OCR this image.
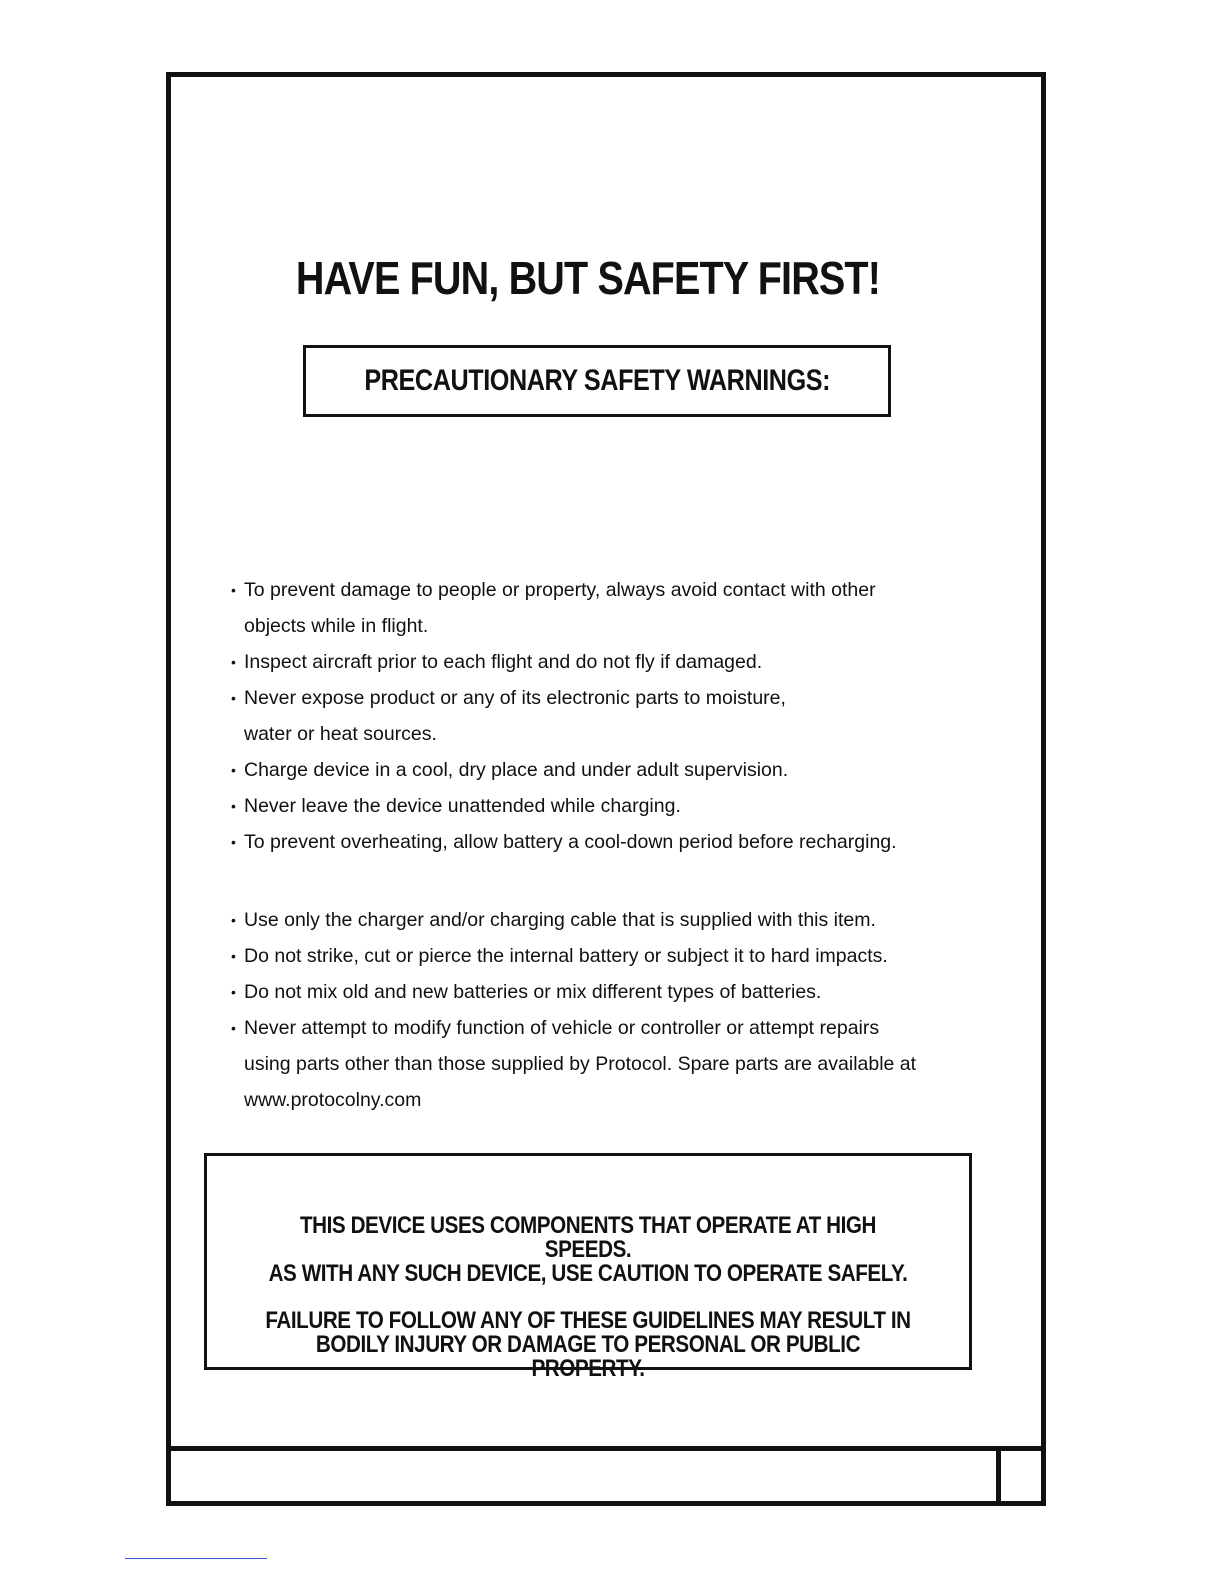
HAVE FUN, BUT SAFETY FIRST!
PRECAUTIONARY SAFETY WARNINGS:
• To prevent damage to people or property, always avoid contact with other
objects while in flight.
• Inspect aircraft prior to each flight and do not fly if damaged.
• Never expose product or any of its electronic parts to moisture,
water or heat sources.
• Charge device in a cool, dry place and under adult supervision.
• Never leave the device unattended while charging.
• To prevent overheating, allow battery a cool-down period before recharging.
• Use only the charger and/or charging cable that is supplied with this item.
• Do not strike, cut or pierce the internal battery or subject it to hard impacts.
• Do not mix old and new batteries or mix different types of batteries.
• Never attempt to modify function of vehicle or controller or attempt repairs
using parts other than those supplied by Protocol. Spare parts are available at
www.protocolny.com

THIS DEVICE USES COMPONENTS THAT OPERATE AT HIGH SPEEDS.
AS WITH ANY SUCH DEVICE, USE CAUTION TO OPERATE SAFELY.

FAILURE TO FOLLOW ANY OF THESE GUIDELINES MAY RESULT IN
BODILY INJURY OR DAMAGE TO PERSONAL OR PUBLIC PROPERTY.
